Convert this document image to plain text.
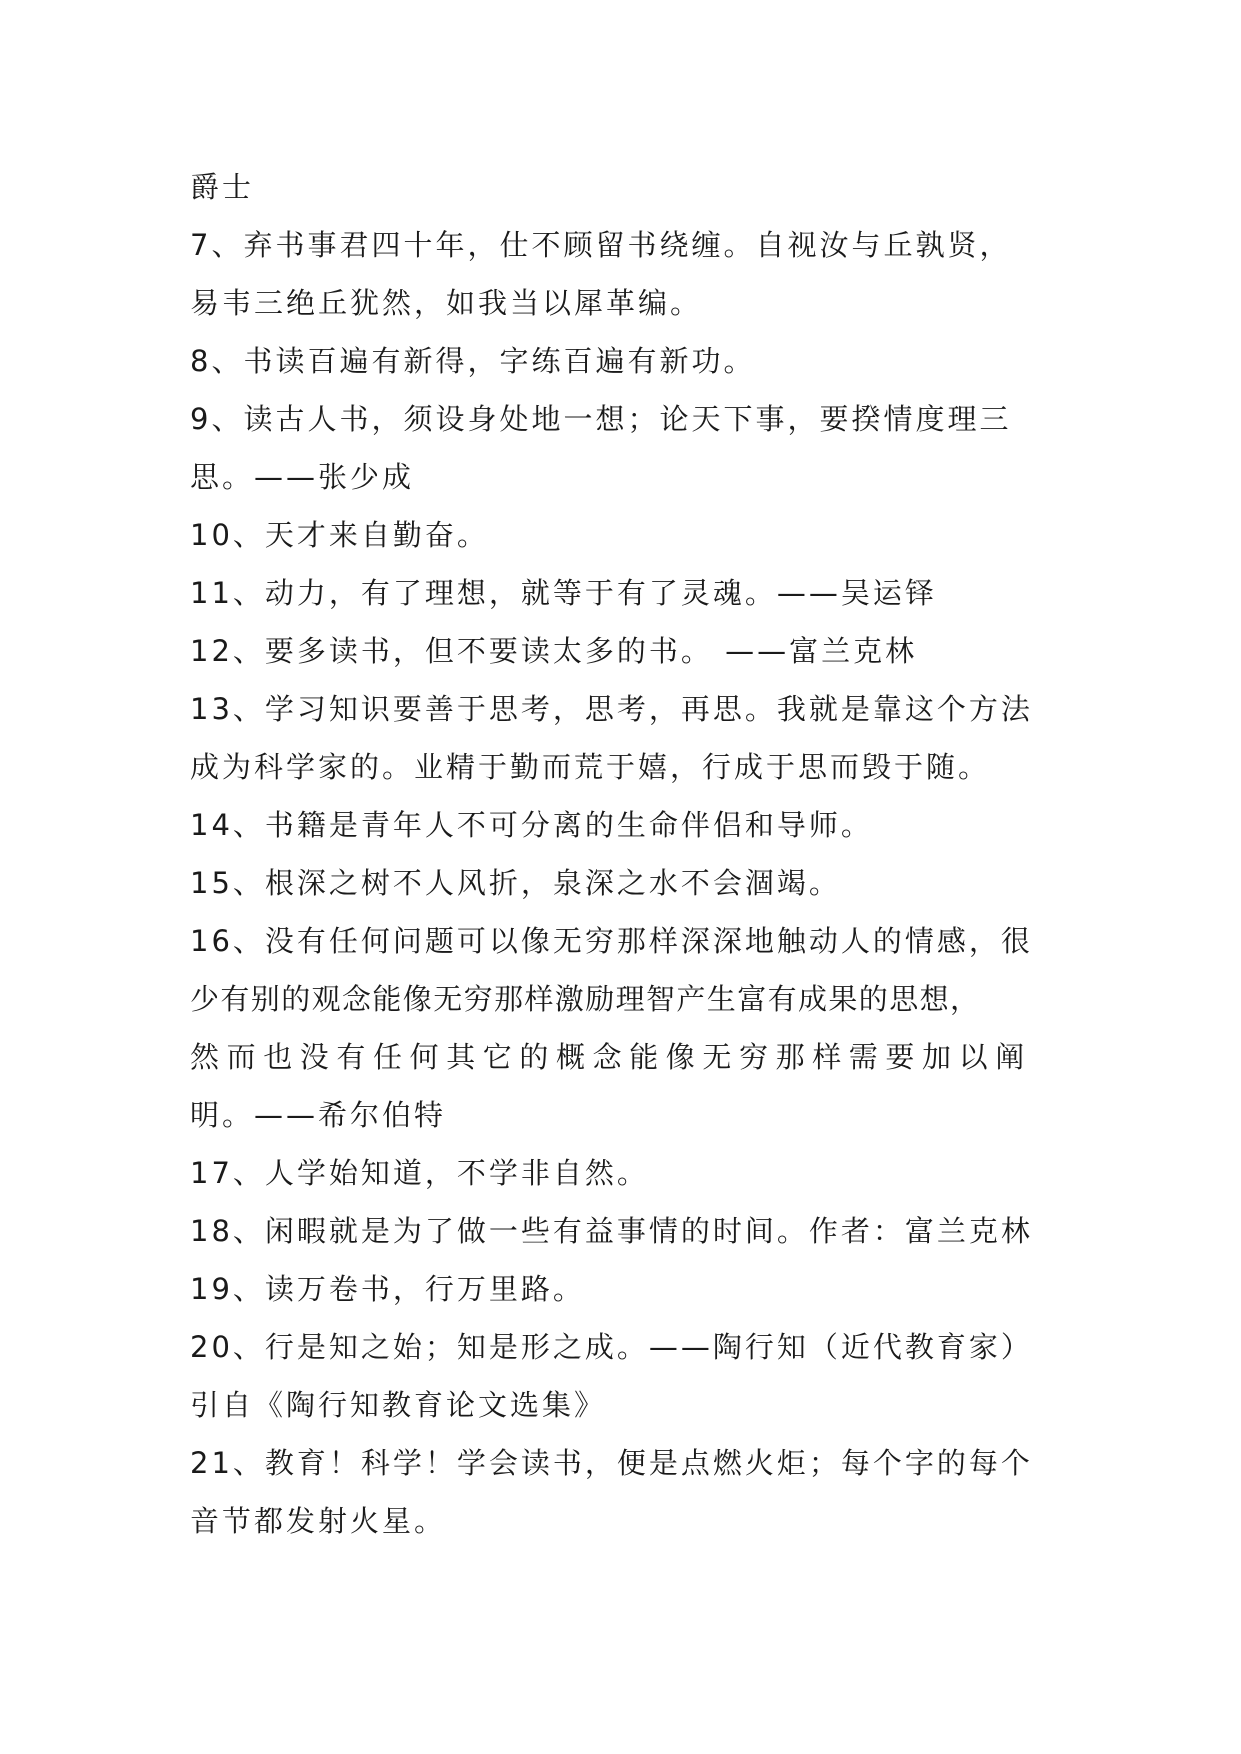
爵士
7、弃书事君四十年，仕不顾留书绕缠。自视汝与丘孰贤，
易韦三绝丘犹然，如我当以犀革编。
8、书读百遍有新得，字练百遍有新功。
9、读古人书，须设身处地一想；论天下事，要揆情度理三
思。——张少成
10、天才来自勤奋。
11、动力，有了理想，就等于有了灵魂。——吴运铎
12、要多读书，但不要读太多的书。 ——富兰克林
13、学习知识要善于思考，思考，再思。我就是靠这个方法
成为科学家的。业精于勤而荒于嬉，行成于思而毁于随。
14、书籍是青年人不可分离的生命伴侣和导师。
15、根深之树不人风折，泉深之水不会涸竭。
16、没有任何问题可以像无穷那样深深地触动人的情感，很
少有别的观念能像无穷那样激励理智产生富有成果的思想，
然而也没有任何其它的概念能像无穷那样需要加以阐
明。——希尔伯特
17、人学始知道，不学非自然。
18、闲暇就是为了做一些有益事情的时间。作者：富兰克林
19、读万卷书，行万里路。
20、行是知之始；知是形之成。——陶行知（近代教育家）
引自《陶行知教育论文选集》
21、教育！科学！学会读书，便是点燃火炬；每个字的每个
音节都发射火星。
